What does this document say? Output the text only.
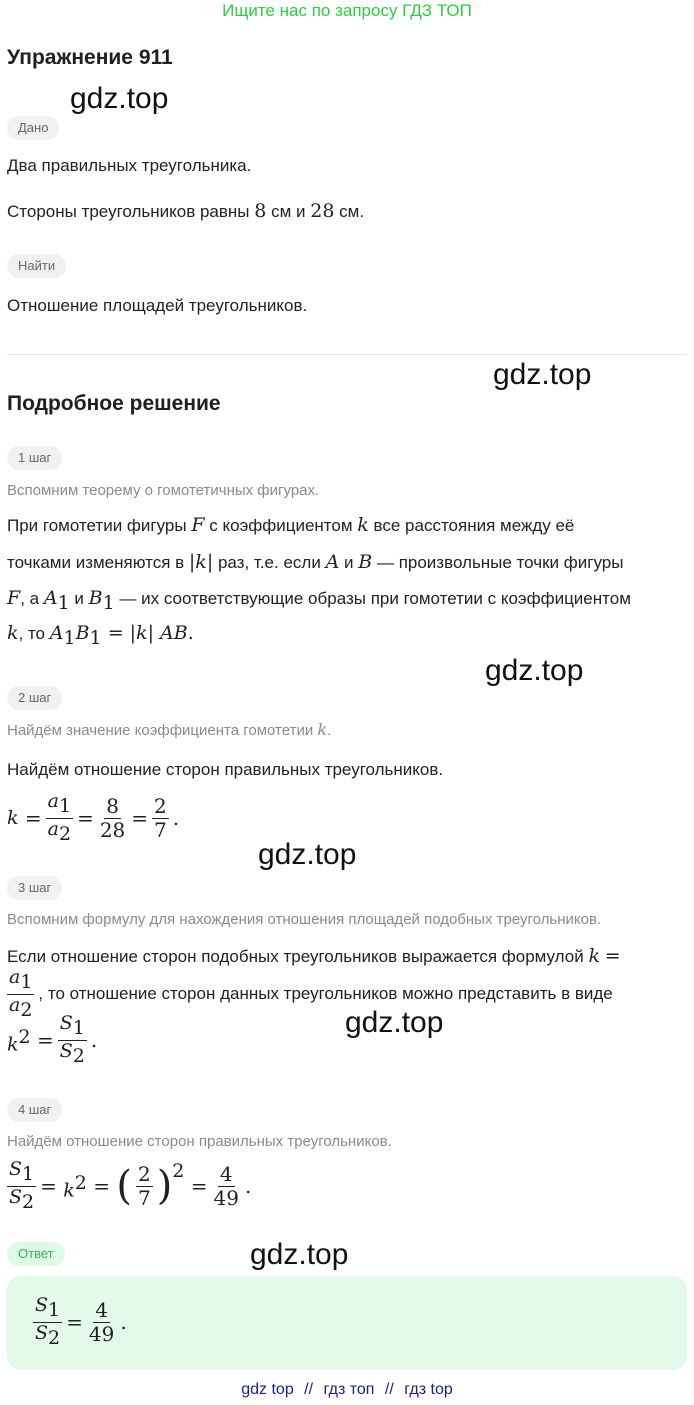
Ищите нас по запросу ГДЗ ТОП
Упражнение 911
gdz.top
gdz.top
gdz.top
gdz.top
gdz.top
gdz.top
Дано
Два правильных треугольника.
Стороны треугольников равны 8 см и 28 см.
Найти
Отношение площадей треугольников.
Подробное решение
1 шаг
Вспомним теорему о гомотетичных фигурах.
При гомотетии фигуры F с коэффициентом k все расстояния между её
точками изменяются в |k| раз, т.е. если A и B — произвольные точки фигуры
F, а $A_1$ и $B_1$ — их соответствующие образы при гомотетии с коэффициентом
k, то $A_1B_1 = |k|$ AB.
2 шаг
Найдём значение коэффициента гомотетии k.
Найдём отношение сторон правильных треугольников.
$k = \frac{a_1}{a_2} = \frac{8}{28} = \frac{2}{7}$ .
3 шаг
Вспомним формулу для нахождения отношения площадей подобных треугольников.
Если отношение сторон подобных треугольников выражается формулой k =
$\frac{a_1}{a_2}$ , то отношение сторон данных треугольников можно представить в виде
$k^2 = \frac{S_1}{S_2}$ .
4 шаг
Найдём отношение сторон правильных треугольников.
$\frac{S_1}{S_2} = k^2$ = ( $\frac{2}{7}$ ) 2
= $\frac{4}{49}$ .
Ответ
$\frac{S_1}{S_2} = \frac{4}{49}$ .
gdz top // гдз топ // гдз top
